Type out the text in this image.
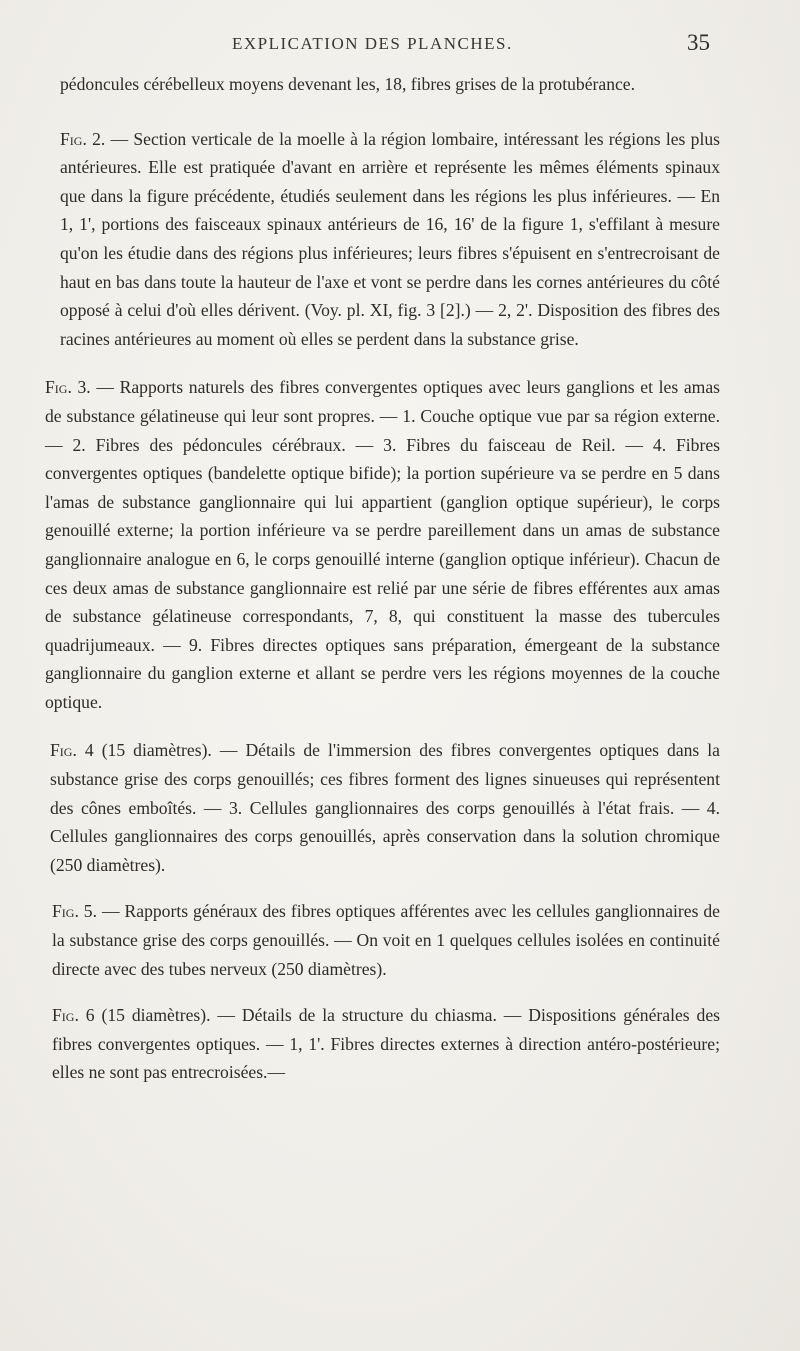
EXPLICATION DES PLANCHES.	35

pédoncules cérébelleux moyens devenant les, 18, fibres grises de la protubérance.

Fig. 2. — Section verticale de la moelle à la région lombaire, intéressant les régions les plus antérieures. Elle est pratiquée d'avant en arrière et représente les mêmes éléments spinaux que dans la figure précédente, étudiés seulement dans les régions les plus inférieures. — En 1, 1', portions des faisceaux spinaux antérieurs de 16, 16' de la figure 1, s'effilant à mesure qu'on les étudie dans des régions plus inférieures; leurs fibres s'épuisent en s'entrecroisant de haut en bas dans toute la hauteur de l'axe et vont se perdre dans les cornes antérieures du côté opposé à celui d'où elles dérivent. (Voy. pl. XI, fig. 3 [2].) — 2, 2'. Disposition des fibres des racines antérieures au moment où elles se perdent dans la substance grise.

Fig. 3. — Rapports naturels des fibres convergentes optiques avec leurs ganglions et les amas de substance gélatineuse qui leur sont propres. — 1. Couche optique vue par sa région externe. — 2. Fibres des pédoncules cérébraux. — 3. Fibres du faisceau de Reil. — 4. Fibres convergentes optiques (bandelette optique bifide); la portion supérieure va se perdre en 5 dans l'amas de substance ganglionnaire qui lui appartient (ganglion optique supérieur), le corps genouillé externe; la portion inférieure va se perdre pareillement dans un amas de substance ganglionnaire analogue en 6, le corps genouillé interne (ganglion optique inférieur). Chacun de ces deux amas de substance ganglionnaire est relié par une série de fibres efférentes aux amas de substance gélatineuse correspondants, 7, 8, qui constituent la masse des tubercules quadrijumeaux. — 9. Fibres directes optiques sans préparation, émergeant de la substance ganglionnaire du ganglion externe et allant se perdre vers les régions moyennes de la couche optique.

Fig. 4 (15 diamètres). — Détails de l'immersion des fibres convergentes optiques dans la substance grise des corps genouillés; ces fibres forment des lignes sinueuses qui représentent des cônes emboîtés. — 3. Cellules ganglionnaires des corps genouillés à l'état frais. — 4. Cellules ganglionnaires des corps genouillés, après conservation dans la solution chromique (250 diamètres).

Fig. 5. — Rapports généraux des fibres optiques afférentes avec les cellules ganglionnaires de la substance grise des corps genouillés. — On voit en 1 quelques cellules isolées en continuité directe avec des tubes nerveux (250 diamètres).

Fig. 6 (15 diamètres). — Détails de la structure du chiasma. — Dispositions générales des fibres convergentes optiques. — 1, 1'. Fibres directes externes à direction antéro-postérieure; elles ne sont pas entrecroisées.—
